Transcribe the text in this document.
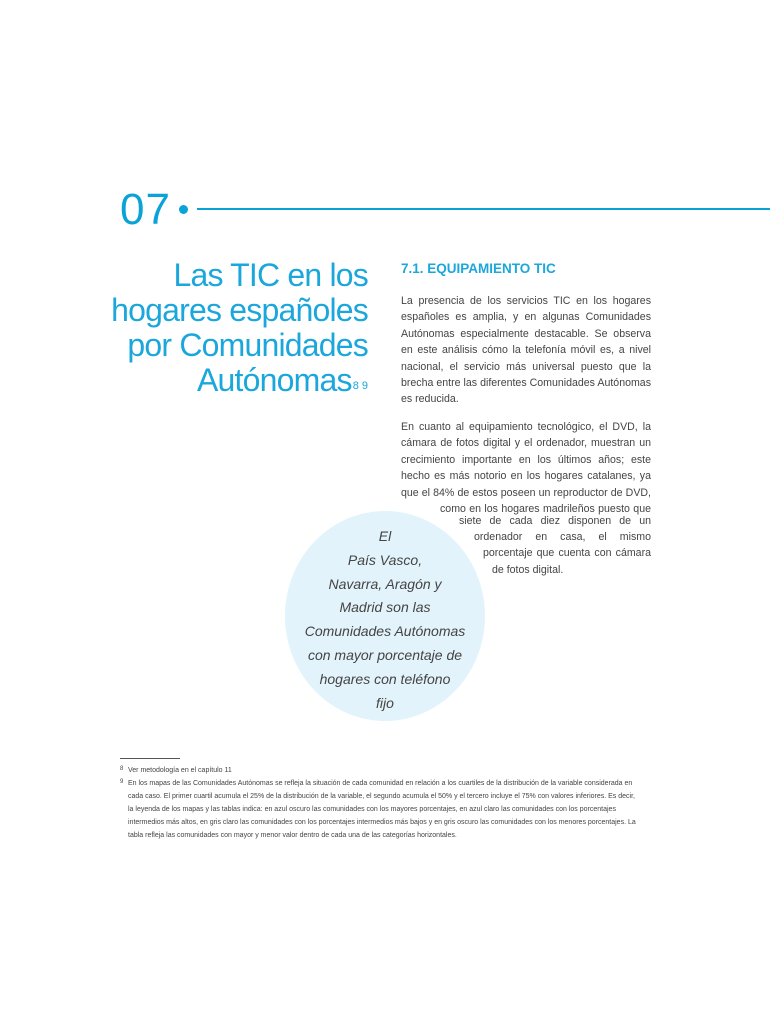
07
Las TIC en los
hogares españoles
por Comunidades
Autónomas8 9
7.1. EQUIPAMIENTO TIC

La presencia de los servicios TIC en los hogares españoles es amplia, y en algunas Comunidades Autónomas especialmente destacable. Se observa en este análisis cómo la telefonía móvil es, a nivel nacional, el servicio más universal puesto que la brecha entre las diferentes Comunidades Autónomas es reducida.

En cuanto al equipamiento tecnológico, el DVD, la
cámara de fotos digital y el ordenador, muestran un
crecimiento importante en los últimos años; este
hecho es más notorio en los hogares catalanes, ya
que el 84% de estos poseen un reproductor de DVD,
como en los hogares madrileños puesto que
siete de cada diez disponen de un
ordenador en casa, el mismo
porcentaje que cuenta con cámara
de fotos digital.
El
País Vasco,
Navarra, Aragón y
Madrid son las
Comunidades Autónomas
con mayor porcentaje de
hogares con teléfono
fijo
8 Ver metodología en el capítulo 11
9 En los mapas de las Comunidades Autónomas se refleja la situación de cada comunidad en relación a los cuartiles de la distribución de la variable considerada en
cada caso. El primer cuartil acumula el 25% de la distribución de la variable, el segundo acumula el 50% y el tercero incluye el 75% con valores inferiores. Es decir,
la leyenda de los mapas y las tablas indica: en azul oscuro las comunidades con los mayores porcentajes, en azul claro las comunidades con los porcentajes
intermedios más altos, en gris claro las comunidades con los porcentajes intermedios más bajos y en gris oscuro las comunidades con los menores porcentajes. La
tabla refleja las comunidades con mayor y menor valor dentro de cada una de las categorías horizontales.
